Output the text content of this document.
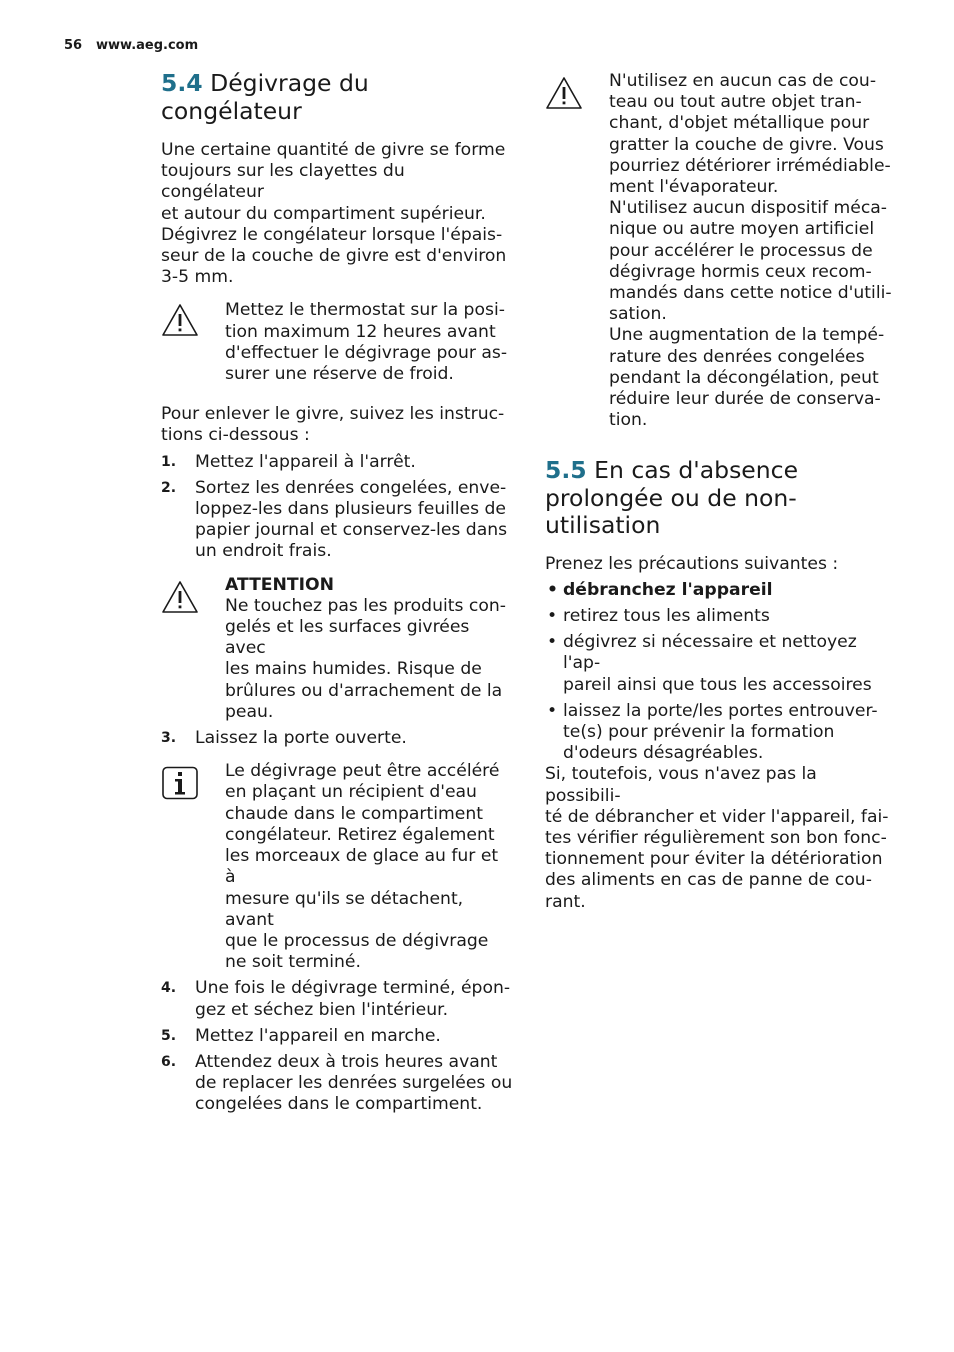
56 www.aeg.com
5.4 Dégivrage du congélateur

Une certaine quantité de givre se forme
toujours sur les clayettes du congélateur
et autour du compartiment supérieur.
Dégivrez le congélateur lorsque l'épais-
seur de la couche de givre est d'environ
3-5 mm.

Mettez le thermostat sur la posi-
tion maximum 12 heures avant
d'effectuer le dégivrage pour as-
surer une réserve de froid.

Pour enlever le givre, suivez les instruc-
tions ci-dessous :

1. Mettez l'appareil à l'arrêt.
2. Sortez les denrées congelées, enve-
loppez-les dans plusieurs feuilles de
papier journal et conservez-les dans
un endroit frais.

ATTENTION
Ne touchez pas les produits con-
gelés et les surfaces givrées avec
les mains humides. Risque de
brûlures ou d'arrachement de la
peau.

3. Laissez la porte ouverte.

Le dégivrage peut être accéléré
en plaçant un récipient d'eau
chaude dans le compartiment
congélateur. Retirez également
les morceaux de glace au fur et à
mesure qu'ils se détachent, avant
que le processus de dégivrage
ne soit terminé.

4. Une fois le dégivrage terminé, épon-
gez et séchez bien l'intérieur.
5. Mettez l'appareil en marche.
6. Attendez deux à trois heures avant
de replacer les denrées surgelées ou
congelées dans le compartiment.

N'utilisez en aucun cas de cou-
teau ou tout autre objet tran-
chant, d'objet métallique pour
gratter la couche de givre. Vous
pourriez détériorer irrémédiable-
ment l'évaporateur.
N'utilisez aucun dispositif méca-
nique ou autre moyen artificiel
pour accélérer le processus de
dégivrage hormis ceux recom-
mandés dans cette notice d'utili-
sation.
Une augmentation de la tempé-
rature des denrées congelées
pendant la décongélation, peut
réduire leur durée de conserva-
tion.

5.5 En cas d'absence
prolongée ou de non-
utilisation

Prenez les précautions suivantes :

• débranchez l'appareil
• retirez tous les aliments
• dégivrez si nécessaire et nettoyez l'ap-
pareil ainsi que tous les accessoires
• laissez la porte/les portes entrouver-
te(s) pour prévenir la formation
d'odeurs désagréables.

Si, toutefois, vous n'avez pas la possibili-
té de débrancher et vider l'appareil, fai-
tes vérifier régulièrement son bon fonc-
tionnement pour éviter la détérioration
des aliments en cas de panne de cou-
rant.
